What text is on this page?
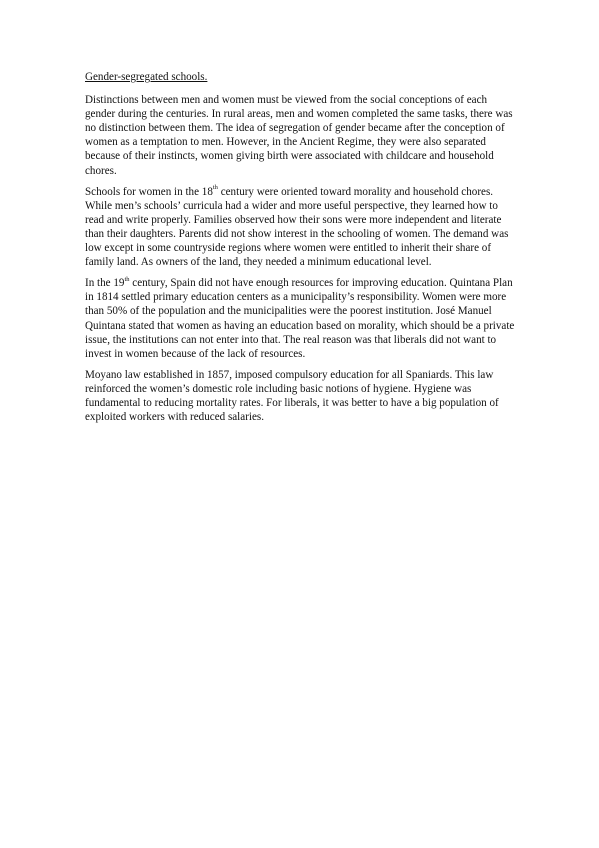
Gender-segregated schools.

Distinctions between men and women must be viewed from the social conceptions of each gender during the centuries. In rural areas, men and women completed the same tasks, there was no distinction between them. The idea of segregation of gender became after the conception of women as a temptation to men. However, in the Ancient Regime, they were also separated because of their instincts, women giving birth were associated with childcare and household chores.

Schools for women in the 18th century were oriented toward morality and household chores. While men’s schools’ curricula had a wider and more useful perspective, they learned how to read and write properly. Families observed how their sons were more independent and literate than their daughters. Parents did not show interest in the schooling of women. The demand was low except in some countryside regions where women were entitled to inherit their share of family land. As owners of the land, they needed a minimum educational level.

In the 19th century, Spain did not have enough resources for improving education. Quintana Plan in 1814 settled primary education centers as a municipality’s responsibility. Women were more than 50% of the population and the municipalities were the poorest institution. José Manuel Quintana stated that women as having an education based on morality, which should be a private issue, the institutions can not enter into that. The real reason was that liberals did not want to invest in women because of the lack of resources.

Moyano law established in 1857, imposed compulsory education for all Spaniards. This law reinforced the women’s domestic role including basic notions of hygiene. Hygiene was fundamental to reducing mortality rates. For liberals, it was better to have a big population of exploited workers with reduced salaries.
